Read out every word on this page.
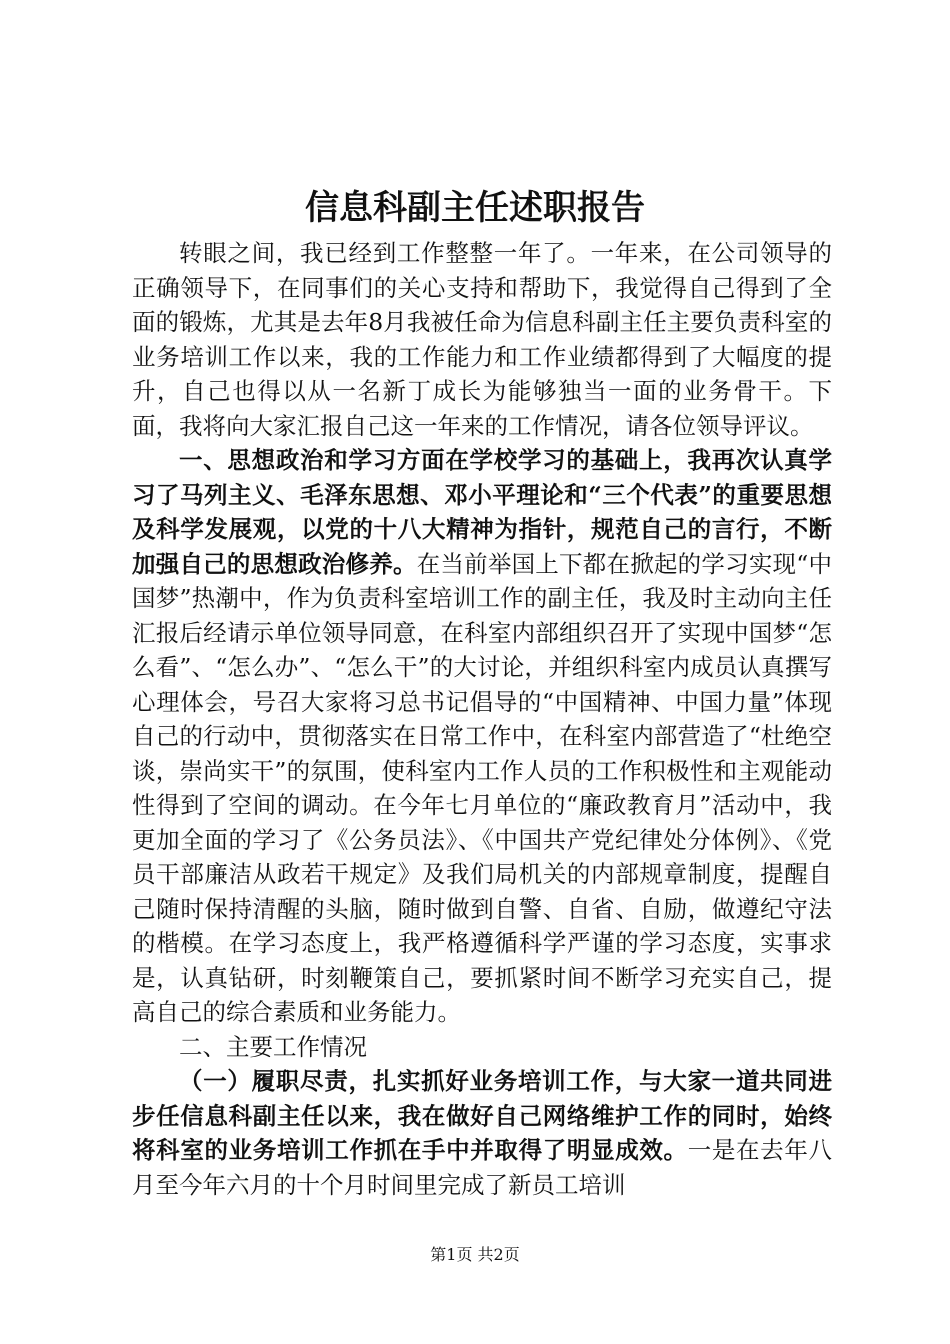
信息科副主任述职报告

转眼之间，我已经到工作整整一年了。一年来，在公司领导的正确领导下，在同事们的关心支持和帮助下，我觉得自己得到了全面的锻炼，尤其是去年8月我被任命为信息科副主任主要负责科室的业务培训工作以来，我的工作能力和工作业绩都得到了大幅度的提升，自己也得以从一名新丁成长为能够独当一面的业务骨干。下面，我将向大家汇报自己这一年来的工作情况，请各位领导评议。

一、思想政治和学习方面在学校学习的基础上，我再次认真学习了马列主义、毛泽东思想、邓小平理论和“三个代表”的重要思想及科学发展观，以党的十八大精神为指针，规范自己的言行，不断加强自己的思想政治修养。在当前举国上下都在掀起的学习实现“中国梦”热潮中，作为负责科室培训工作的副主任，我及时主动向主任汇报后经请示单位领导同意，在科室内部组织召开了实现中国梦“怎么看”、“怎么办”、“怎么干”的大讨论，并组织科室内成员认真撰写心理体会，号召大家将习总书记倡导的“中国精神、中国力量”体现自己的行动中，贯彻落实在日常工作中，在科室内部营造了“杜绝空谈，崇尚实干”的氛围，使科室内工作人员的工作积极性和主观能动性得到了空间的调动。在今年七月单位的“廉政教育月”活动中，我更加全面的学习了《公务员法》、《中国共产党纪律处分体例》、《党员干部廉洁从政若干规定》及我们局机关的内部规章制度，提醒自己随时保持清醒的头脑，随时做到自警、自省、自励，做遵纪守法的楷模。在学习态度上，我严格遵循科学严谨的学习态度，实事求是，认真钻研，时刻鞭策自己，要抓紧时间不断学习充实自己，提高自己的综合素质和业务能力。

二、主要工作情况

（一）履职尽责，扎实抓好业务培训工作，与大家一道共同进步任信息科副主任以来，我在做好自己网络维护工作的同时，始终将科室的业务培训工作抓在手中并取得了明显成效。一是在去年八月至今年六月的十个月时间里完成了新员工培训

第1页 共2页
